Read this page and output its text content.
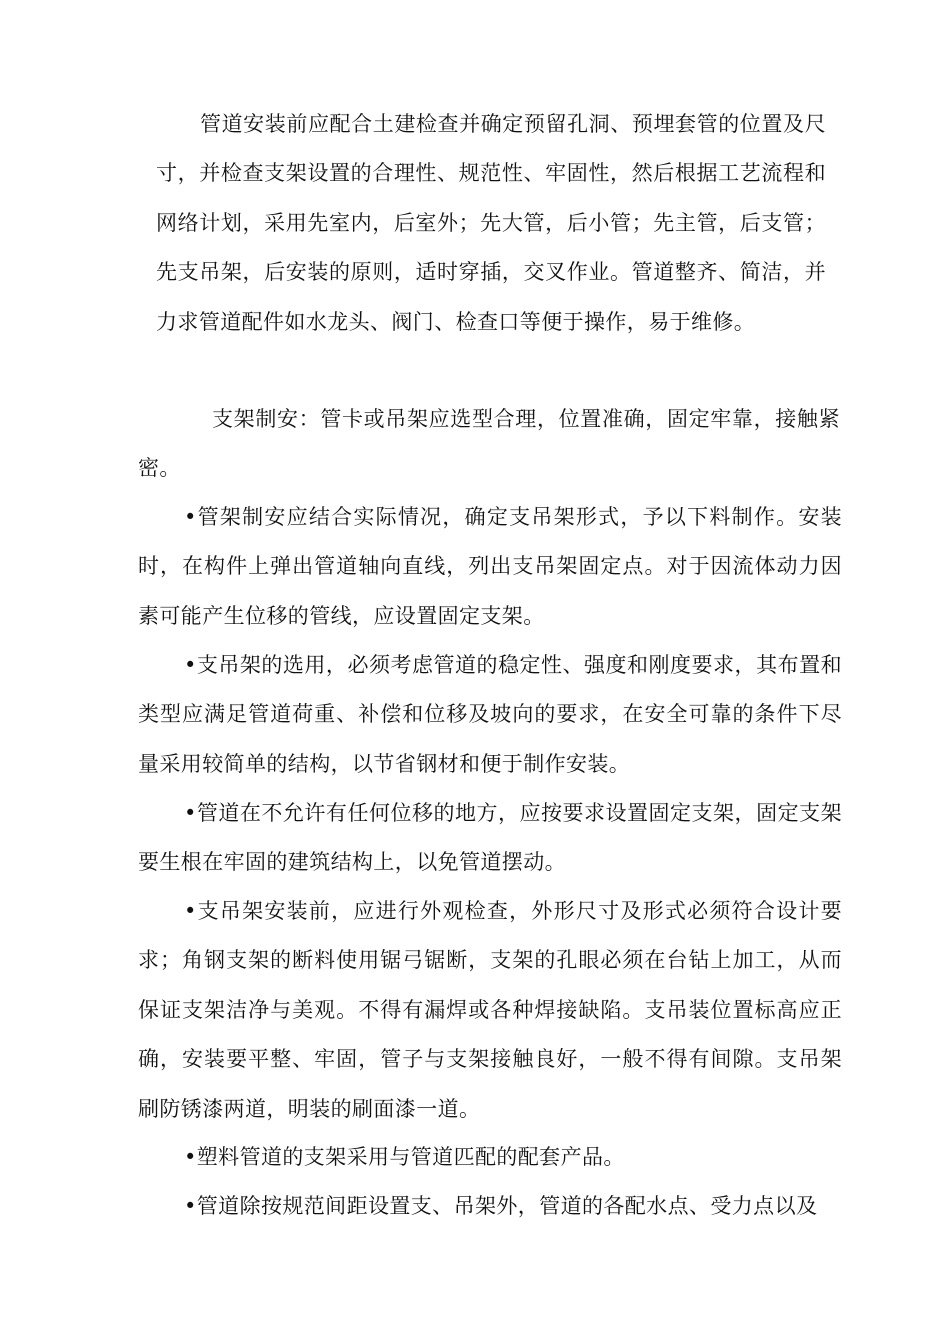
管道安装前应配合土建检查并确定预留孔洞、预埋套管的位置及尺寸，并检查支架设置的合理性、规范性、牢固性，然后根据工艺流程和网络计划，采用先室内，后室外；先大管，后小管；先主管，后支管；先支吊架，后安装的原则，适时穿插，交叉作业。管道整齐、简洁，并力求管道配件如水龙头、阀门、检查口等便于操作，易于维修。

支架制安：管卡或吊架应选型合理，位置准确，固定牢靠，接触紧密。

•管架制安应结合实际情况，确定支吊架形式，予以下料制作。安装时，在构件上弹出管道轴向直线，列出支吊架固定点。对于因流体动力因素可能产生位移的管线，应设置固定支架。

•支吊架的选用，必须考虑管道的稳定性、强度和刚度要求，其布置和类型应满足管道荷重、补偿和位移及坡向的要求，在安全可靠的条件下尽量采用较简单的结构，以节省钢材和便于制作安装。

•管道在不允许有任何位移的地方，应按要求设置固定支架，固定支架要生根在牢固的建筑结构上，以免管道摆动。

•支吊架安装前，应进行外观检查，外形尺寸及形式必须符合设计要求；角钢支架的断料使用锯弓锯断，支架的孔眼必须在台钻上加工，从而保证支架洁净与美观。不得有漏焊或各种焊接缺陷。支吊装位置标高应正确，安装要平整、牢固，管子与支架接触良好，一般不得有间隙。支吊架刷防锈漆两道，明装的刷面漆一道。

•塑料管道的支架采用与管道匹配的配套产品。

•管道除按规范间距设置支、吊架外，管道的各配水点、受力点以及
